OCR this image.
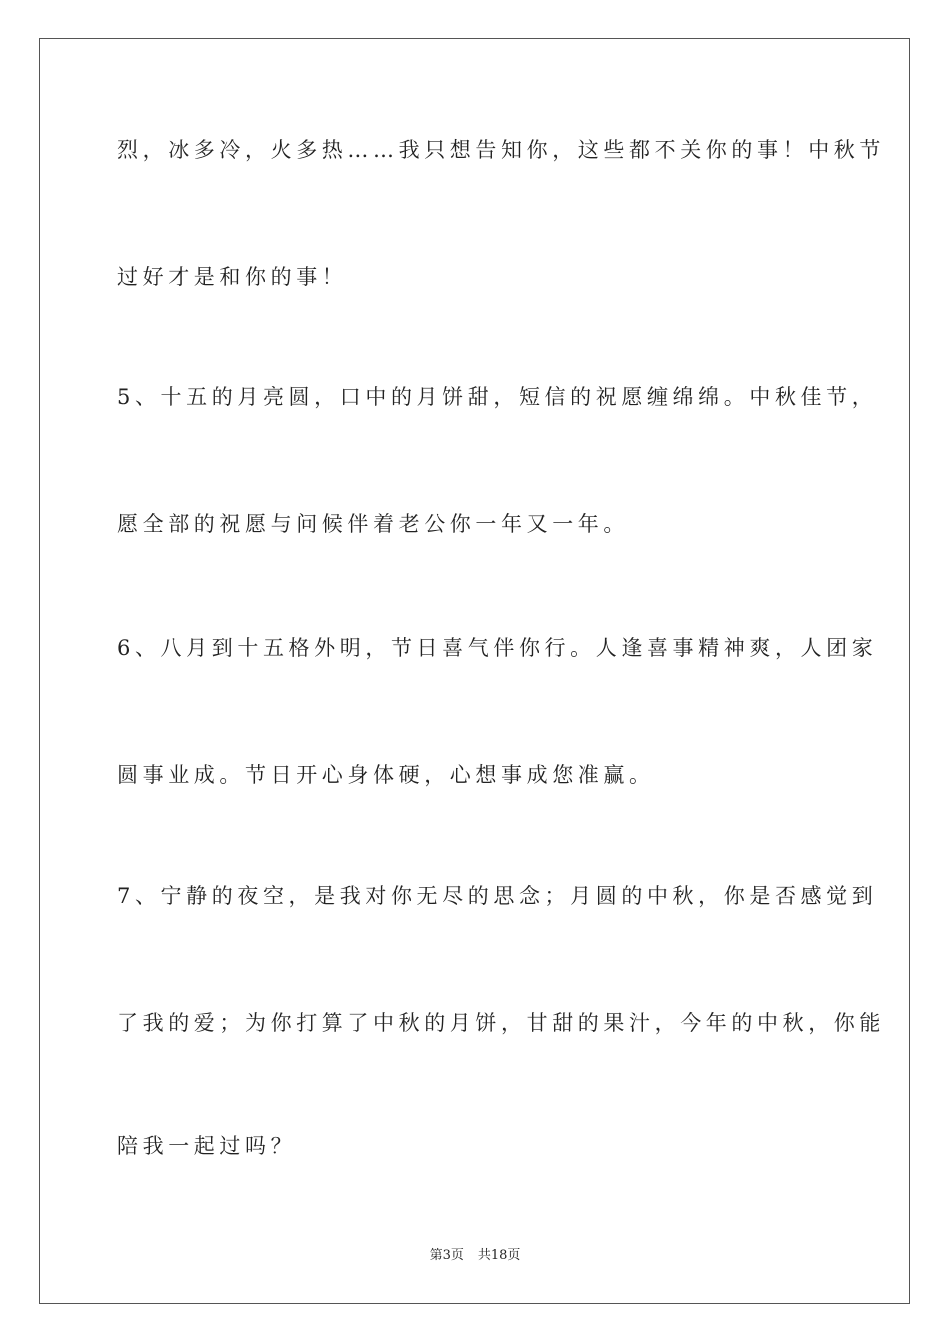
烈，冰多冷，火多热……我只想告知你，这些都不关你的事！中秋节
过好才是和你的事！
5、十五的月亮圆，口中的月饼甜，短信的祝愿缠绵绵。中秋佳节，
愿全部的祝愿与问候伴着老公你一年又一年。
6、八月到十五格外明，节日喜气伴你行。人逢喜事精神爽，人团家
圆事业成。节日开心身体硬，心想事成您准赢。
7、宁静的夜空，是我对你无尽的思念；月圆的中秋，你是否感觉到
了我的爱；为你打算了中秋的月饼，甘甜的果汁，今年的中秋，你能
陪我一起过吗？
第3页 共18页
